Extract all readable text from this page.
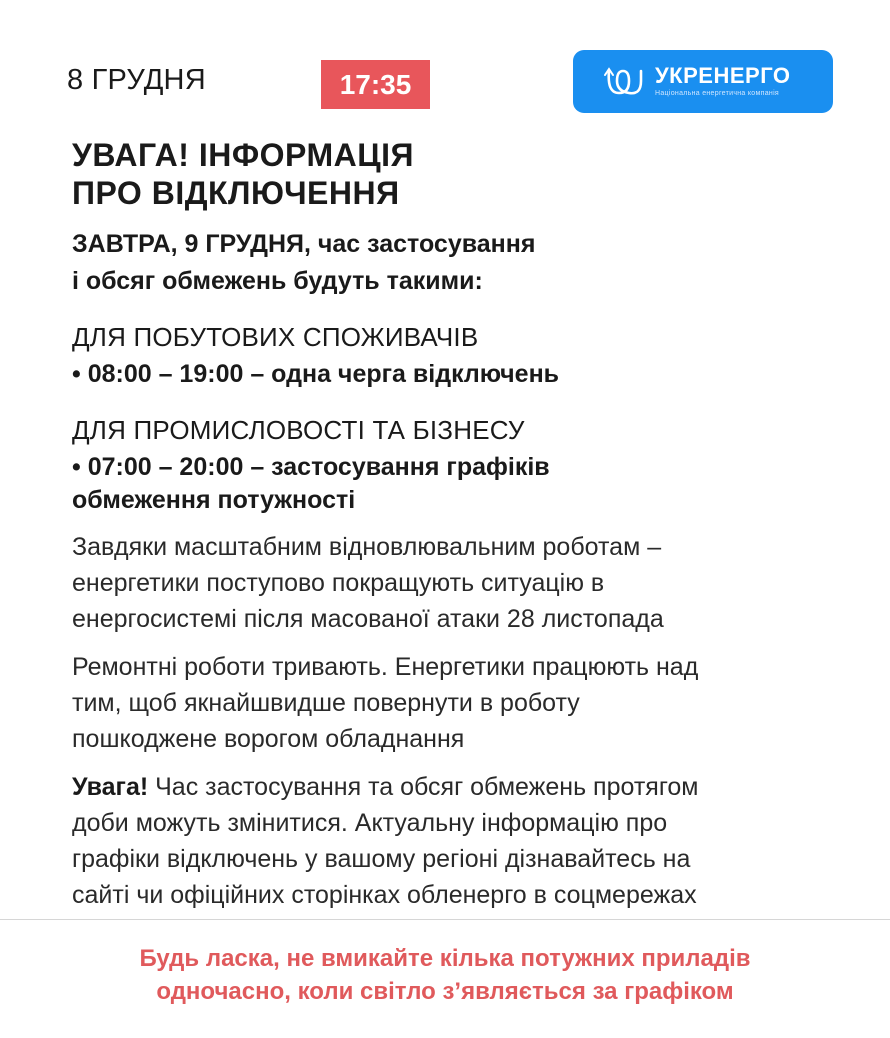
8 ГРУДНЯ	17:35	УКРЕНЕРГО
Національна енергетична компанія
УВАГА! ІНФОРМАЦІЯ
ПРО ВІДКЛЮЧЕННЯ

ЗАВТРА, 9 ГРУДНЯ, час застосування
і обсяг обмежень будуть такими:

ДЛЯ ПОБУТОВИХ СПОЖИВАЧІВ

• 08:00 – 19:00 – одна черга відключень

ДЛЯ ПРОМИСЛОВОСТІ ТА БІЗНЕСУ

• 07:00 – 20:00 – застосування графіків
обмеження потужності

Завдяки масштабним відновлювальним роботам –
енергетики поступово покращують ситуацію в
енергосистемі після масованої атаки 28 листопада

Ремонтні роботи тривають. Енергетики працюють над
тим, щоб якнайшвидше повернути в роботу
пошкоджене ворогом обладнання

Увага! Час застосування та обсяг обмежень протягом
доби можуть змінитися. Актуальну інформацію про
графіки відключень у вашому регіоні дізнавайтесь на
сайті чи офіційних сторінках обленерго в соцмережах

Будь ласка, не вмикайте кілька потужних приладів
одночасно, коли світло з’являється за графіком
